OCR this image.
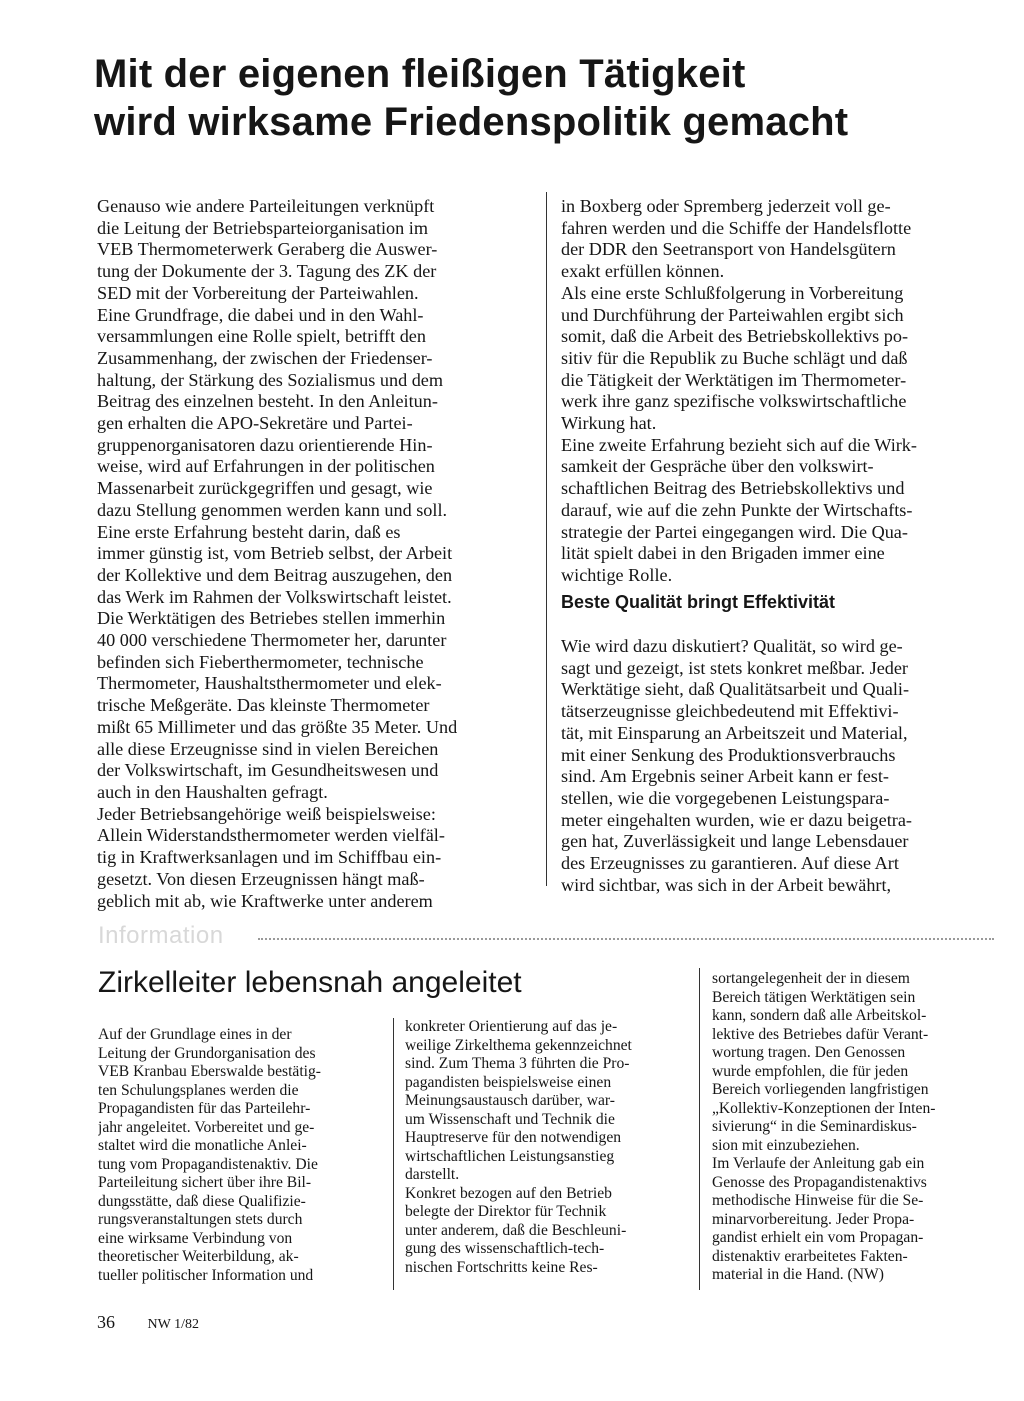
Mit der eigenen fleißigen Tätigkeit
wird wirksame Friedenspolitik gemacht
Genauso wie andere Parteileitungen verknüpft
die Leitung der Betriebsparteiorganisation im
VEB Thermometerwerk Geraberg die Auswer-
tung der Dokumente der 3. Tagung des ZK der
SED mit der Vorbereitung der Parteiwahlen.
Eine Grundfrage, die dabei und in den Wahl-
versammlungen eine Rolle spielt, betrifft den
Zusammenhang, der zwischen der Friedenser-
haltung, der Stärkung des Sozialismus und dem
Beitrag des einzelnen besteht. In den Anleitun-
gen erhalten die APO-Sekretäre und Partei-
gruppenorganisatoren dazu orientierende Hin-
weise, wird auf Erfahrungen in der politischen
Massenarbeit zurückgegriffen und gesagt, wie
dazu Stellung genommen werden kann und soll.
Eine erste Erfahrung besteht darin, daß es
immer günstig ist, vom Betrieb selbst, der Arbeit
der Kollektive und dem Beitrag auszugehen, den
das Werk im Rahmen der Volkswirtschaft leistet.
Die Werktätigen des Betriebes stellen immerhin
40 000 verschiedene Thermometer her, darunter
befinden sich Fieberthermometer, technische
Thermometer, Haushaltsthermometer und elek-
trische Meßgeräte. Das kleinste Thermometer
mißt 65 Millimeter und das größte 35 Meter. Und
alle diese Erzeugnisse sind in vielen Bereichen
der Volkswirtschaft, im Gesundheitswesen und
auch in den Haushalten gefragt.
Jeder Betriebsangehörige weiß beispielsweise:
Allein Widerstandsthermometer werden vielfäl-
tig in Kraftwerksanlagen und im Schiffbau ein-
gesetzt. Von diesen Erzeugnissen hängt maß-
geblich mit ab, wie Kraftwerke unter anderem
in Boxberg oder Spremberg jederzeit voll ge-
fahren werden und die Schiffe der Handelsflotte
der DDR den Seetransport von Handelsgütern
exakt erfüllen können.
Als eine erste Schlußfolgerung in Vorbereitung
und Durchführung der Parteiwahlen ergibt sich
somit, daß die Arbeit des Betriebskollektivs po-
sitiv für die Republik zu Buche schlägt und daß
die Tätigkeit der Werktätigen im Thermometer-
werk ihre ganz spezifische volkswirtschaftliche
Wirkung hat.
Eine zweite Erfahrung bezieht sich auf die Wirk-
samkeit der Gespräche über den volkswirt-
schaftlichen Beitrag des Betriebskollektivs und
darauf, wie auf die zehn Punkte der Wirtschafts-
strategie der Partei eingegangen wird. Die Qua-
lität spielt dabei in den Brigaden immer eine
wichtige Rolle.
Beste Qualität bringt Effektivität
Wie wird dazu diskutiert? Qualität, so wird ge-
sagt und gezeigt, ist stets konkret meßbar. Jeder
Werktätige sieht, daß Qualitätsarbeit und Quali-
tätserzeugnisse gleichbedeutend mit Effektivi-
tät, mit Einsparung an Arbeitszeit und Material,
mit einer Senkung des Produktionsverbrauchs
sind. Am Ergebnis seiner Arbeit kann er fest-
stellen, wie die vorgegebenen Leistungspara-
meter eingehalten wurden, wie er dazu beigetra-
gen hat, Zuverlässigkeit und lange Lebensdauer
des Erzeugnisses zu garantieren. Auf diese Art
wird sichtbar, was sich in der Arbeit bewährt,
Information
Zirkelleiter lebensnah angeleitet
Auf der Grundlage eines in der
Leitung der Grundorganisation des
VEB Kranbau Eberswalde bestätig-
ten Schulungsplanes werden die
Propagandisten für das Parteilehr-
jahr angeleitet. Vorbereitet und ge-
staltet wird die monatliche Anlei-
tung vom Propagandistenaktiv. Die
Parteileitung sichert über ihre Bil-
dungsstätte, daß diese Qualifizie-
rungsveranstaltungen stets durch
eine wirksame Verbindung von
theoretischer Weiterbildung, ak-
tueller politischer Information und
konkreter Orientierung auf das je-
weilige Zirkelthema gekennzeichnet
sind. Zum Thema 3 führten die Pro-
pagandisten beispielsweise einen
Meinungsaustausch darüber, war-
um Wissenschaft und Technik die
Hauptreserve für den notwendigen
wirtschaftlichen Leistungsanstieg
darstellt.
Konkret bezogen auf den Betrieb
belegte der Direktor für Technik
unter anderem, daß die Beschleuni-
gung des wissenschaftlich-tech-
nischen Fortschritts keine Res-
sortangelegenheit der in diesem
Bereich tätigen Werktätigen sein
kann, sondern daß alle Arbeitskol-
lektive des Betriebes dafür Verant-
wortung tragen. Den Genossen
wurde empfohlen, die für jeden
Bereich vorliegenden langfristigen
„Kollektiv-Konzeptionen der Inten-
sivierung“ in die Seminardiskus-
sion mit einzubeziehen.
Im Verlaufe der Anleitung gab ein
Genosse des Propagandistenaktivs
methodische Hinweise für die Se-
minarvorbereitung. Jeder Propa-
gandist erhielt ein vom Propagan-
distenaktiv erarbeitetes Fakten-
material in die Hand. (NW)
36 NW 1/82
